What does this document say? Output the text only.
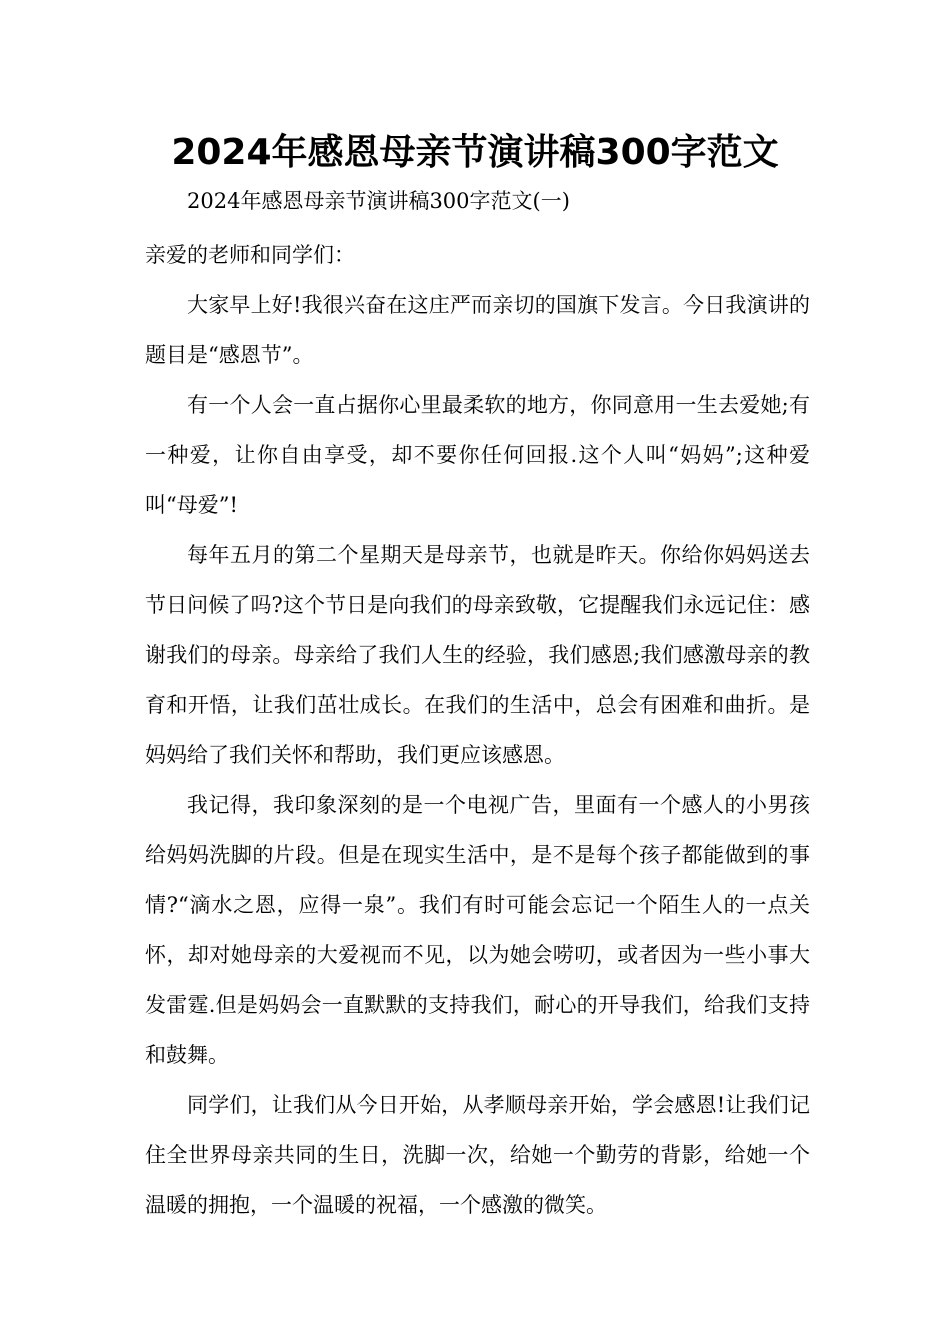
2024年感恩母亲节演讲稿300字范文

2024年感恩母亲节演讲稿300字范文(一)

亲爱的老师和同学们：

大家早上好!我很兴奋在这庄严而亲切的国旗下发言。今日我演讲的题目是“感恩节”。

有一个人会一直占据你心里最柔软的地方，你同意用一生去爱她;有一种爱，让你自由享受，却不要你任何回报.这个人叫“妈妈”;这种爱叫“母爱”!

每年五月的第二个星期天是母亲节，也就是昨天。你给你妈妈送去节日问候了吗?这个节日是向我们的母亲致敬，它提醒我们永远记住：感谢我们的母亲。母亲给了我们人生的经验，我们感恩;我们感激母亲的教育和开悟，让我们茁壮成长。在我们的生活中，总会有困难和曲折。是妈妈给了我们关怀和帮助，我们更应该感恩。

我记得，我印象深刻的是一个电视广告，里面有一个感人的小男孩给妈妈洗脚的片段。但是在现实生活中，是不是每个孩子都能做到的事情?“滴水之恩，应得一泉”。我们有时可能会忘记一个陌生人的一点关怀，却对她母亲的大爱视而不见，以为她会唠叨，或者因为一些小事大发雷霆.但是妈妈会一直默默的支持我们，耐心的开导我们，给我们支持和鼓舞。

同学们，让我们从今日开始，从孝顺母亲开始，学会感恩!让我们记住全世界母亲共同的生日，洗脚一次，给她一个勤劳的背影，给她一个温暖的拥抱，一个温暖的祝福，一个感激的微笑。
